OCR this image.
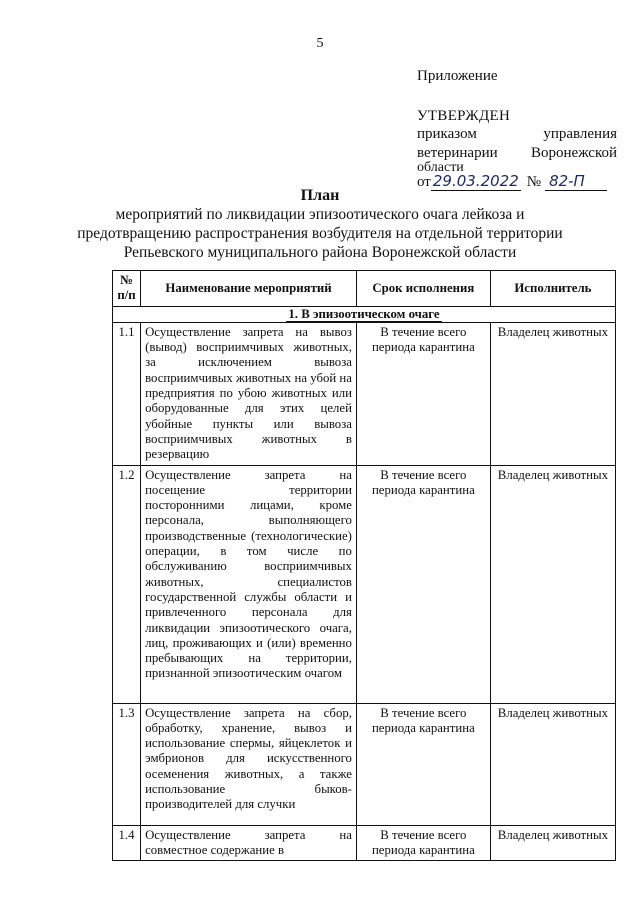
5
Приложение
УТВЕРЖДЕН
приказом	управления
ветеринарии Воронежской
области
от 29.03.2022 № 82-П
План
мероприятий по ликвидации эпизоотического очага лейкоза и
предотвращению распространения возбудителя на отдельной территории
Репьевского муниципального района Воронежской области
№ п/п	Наименование мероприятий	Срок исполнения	Исполнитель
1. В эпизоотическом очаге			
1.1	Осуществление запрета на вывоз (вывод) восприимчивых животных, за исключением вывоза восприимчивых животных на убой на предприятия по убою животных или оборудованные для этих целей убойные пункты или вывоза восприимчивых животных в резервацию	В течение всего периода карантина	Владелец животных
1.2	Осуществление запрета на посещение территории посторонними лицами, кроме персонала, выполняющего производственные (технологические) операции, в том числе по обслуживанию восприимчивых животных, специалистов государственной службы области и привлеченного персонала для ликвидации эпизоотического очага, лиц, проживающих и (или) временно пребывающих на территории, признанной эпизоотическим очагом	В течение всего периода карантина	Владелец животных
1.3	Осуществление запрета на сбор, обработку, хранение, вывоз и использование спермы, яйцеклеток и эмбрионов для искусственного осеменения животных, а также использование быков-производителей для случки	В течение всего периода карантина	Владелец животных
1.4	Осуществление запрета на совместное содержание в	В течение всего периода карантина	Владелец животных
